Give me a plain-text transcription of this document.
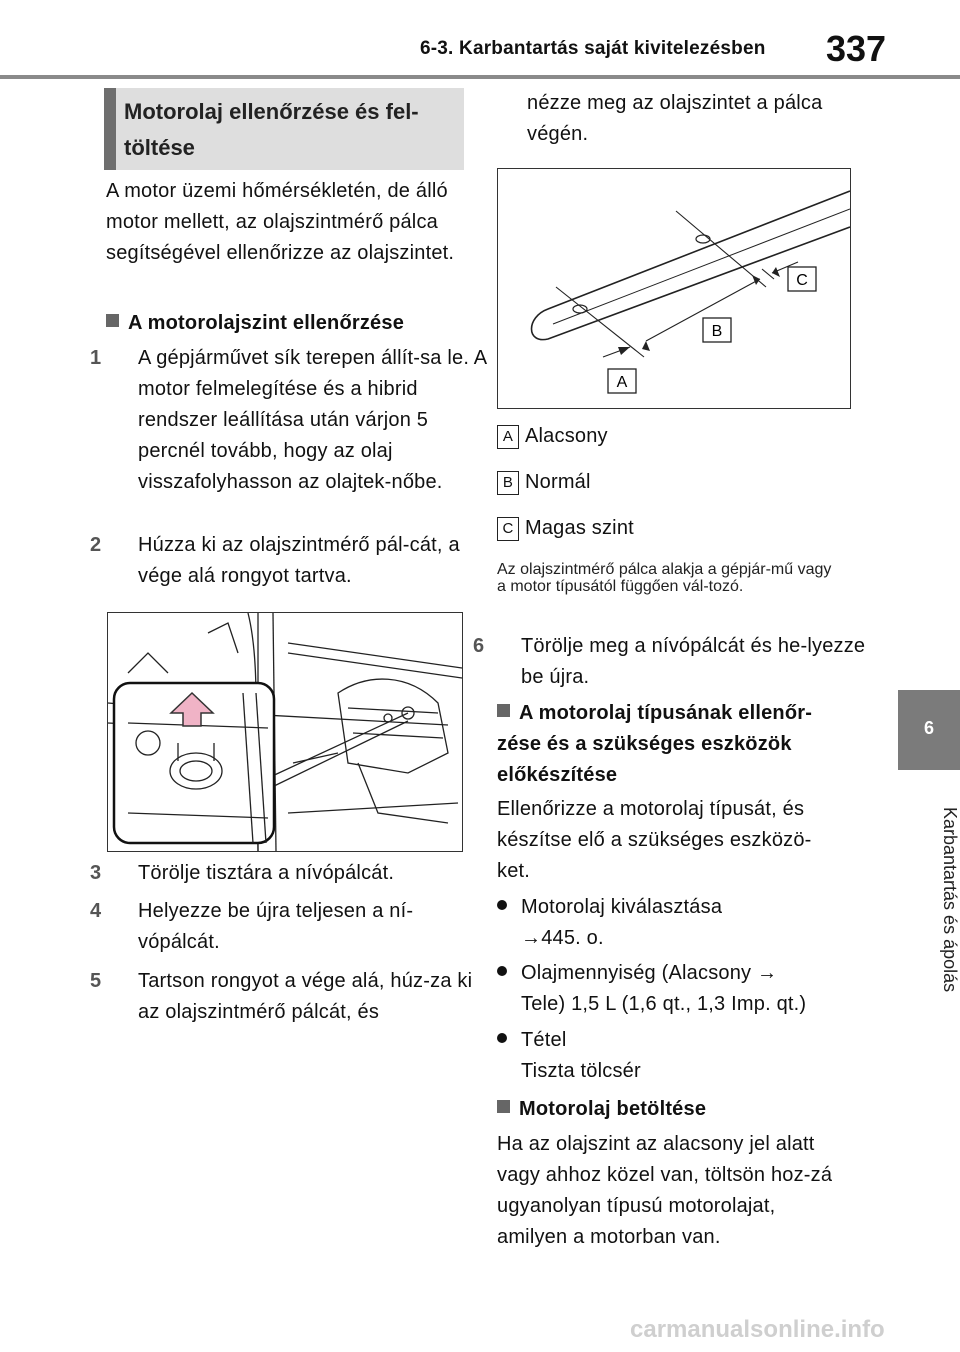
6-3. Karbantartás saját kivitelezésben 337
6
Karbantartás és ápolás
Motorolaj ellenőrzése és fel-töltése
A motor üzemi hőmérsékletén, de álló motor mellett, az olajszintmérő pálca segítségével ellenőrizze az olajszintet.
A motorolajszint ellenőrzése
1 A gépjárművet sík terepen állít-sa le. A motor felmelegítése és a hibrid rendszer leállítása után várjon 5 percnél tovább, hogy az olaj visszafolyhasson az olajtek-nőbe.
2 Húzza ki az olajszintmérő pál-cát, a vége alá rongyot tartva.
3 Törölje tisztára a nívópálcát.
4 Helyezze be újra teljesen a ní-vópálcát.
5 Tartson rongyot a vége alá, húz-za ki az olajszintmérő pálcát, és
nézze meg az olajszintet a pálca végén.
C
B
A
A Alacsony
B Normál
C Magas szint
Az olajszintmérő pálca alakja a gépjár-mű vagy a motor típusától függően vál-tozó.
6 Törölje meg a nívópálcát és he-lyezze be újra.
A motorolaj típusának ellenőr-zése és a szükséges eszközök előkészítése
Ellenőrizze a motorolaj típusát, és készítse elő a szükséges eszközö-ket.
Motorolaj kiválasztása
→445. o.
Olajmennyiség (Alacsony →
Tele) 1,5 L (1,6 qt., 1,3 Imp. qt.)
Tétel
Tiszta tölcsér
Motorolaj betöltése
Ha az olajszint az alacsony jel alatt vagy ahhoz közel van, töltsön hoz-zá ugyanolyan típusú motorolajat, amilyen a motorban van.
carmanualsonline.info
